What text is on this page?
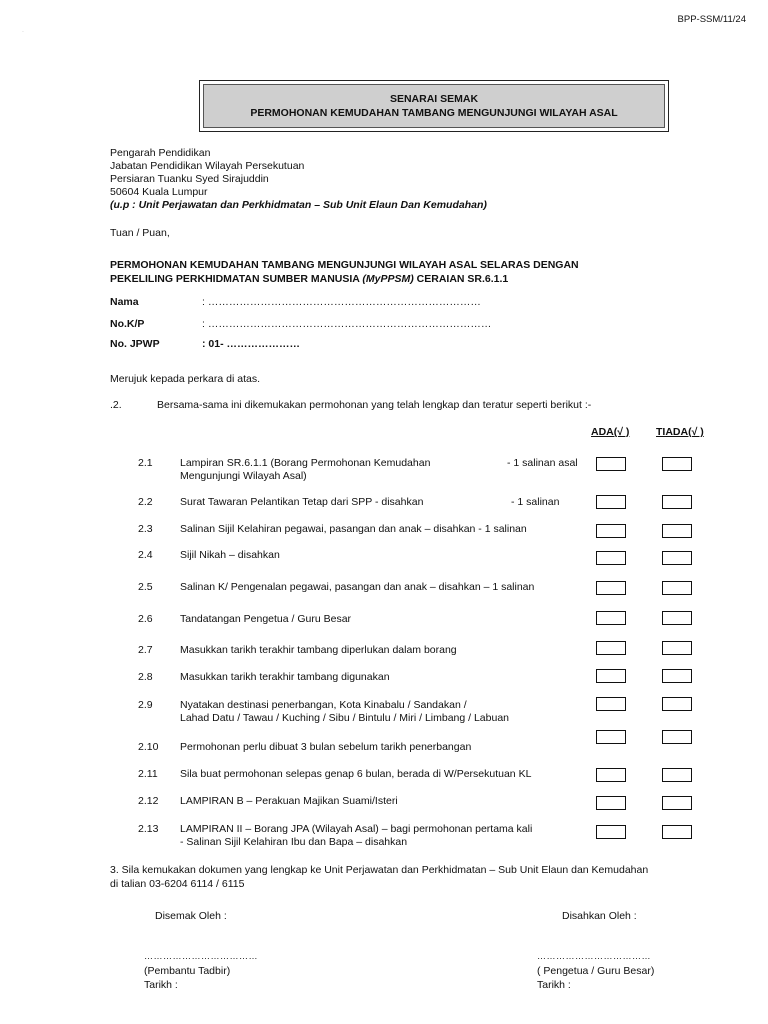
BPP-SSM/11/24
˙
SENARAI SEMAK
PERMOHONAN KEMUDAHAN TAMBANG MENGUNJUNGI WILAYAH ASAL
Pengarah Pendidikan
Jabatan Pendidikan Wilayah Persekutuan
Persiaran Tuanku Syed Sirajuddin
50604 Kuala Lumpur
(u.p : Unit Perjawatan dan Perkhidmatan – Sub Unit Elaun Dan Kemudahan)
Tuan / Puan,
PERMOHONAN KEMUDAHAN TAMBANG MENGUNJUNGI WILAYAH ASAL SELARAS DENGAN
PEKELILING PERKHIDMATAN SUMBER MANUSIA (MyPPSM) CERAIAN SR.6.1.1
Nama	: ……………………………………………………………………
No.K/P	: ………………………………………………………………………
No. JPWP	: 01- …………………
Merujuk kepada perkara di atas.
.2.	Bersama-sama ini dikemukakan permohonan yang telah lengkap dan teratur seperti berikut :-
ADA(√ )	TIADA(√ )
2.1	Lampiran SR.6.1.1 (Borang Permohonan Kemudahan
Mengunjungi Wilayah Asal)
- 1 salinan asal
2.2	Surat Tawaran Pelantikan Tetap dari SPP - disahkan	- 1 salinan
2.3	Salinan Sijil Kelahiran pegawai, pasangan dan anak – disahkan - 1 salinan
2.4	Sijil Nikah – disahkan
2.5	Salinan K/ Pengenalan pegawai, pasangan dan anak – disahkan – 1 salinan
2.6	Tandatangan Pengetua / Guru Besar
2.7	Masukkan tarikh terakhir tambang diperlukan dalam borang
2.8	Masukkan tarikh terakhir tambang digunakan
2.9	Nyatakan destinasi penerbangan, Kota Kinabalu / Sandakan /
Lahad Datu / Tawau / Kuching / Sibu / Bintulu / Miri / Limbang / Labuan
2.10 Permohonan perlu dibuat 3 bulan sebelum tarikh penerbangan
2.11 Sila buat permohonan selepas genap 6 bulan, berada di W/Persekutuan KL
2.12 LAMPIRAN B – Perakuan Majikan Suami/Isteri
2.13 LAMPIRAN II – Borang JPA (Wilayah Asal) – bagi permohonan pertama kali
- Salinan Sijil Kelahiran Ibu dan Bapa – disahkan
3. Sila kemukakan dokumen yang lengkap ke Unit Perjawatan dan Perkhidmatan – Sub Unit Elaun dan Kemudahan
di talian 03-6204 6114 / 6115
Disemak Oleh :
………………………………
(Pembantu Tadbir)
Tarikh :
Disahkan Oleh :
………………………………
( Pengetua / Guru Besar)
Tarikh :
